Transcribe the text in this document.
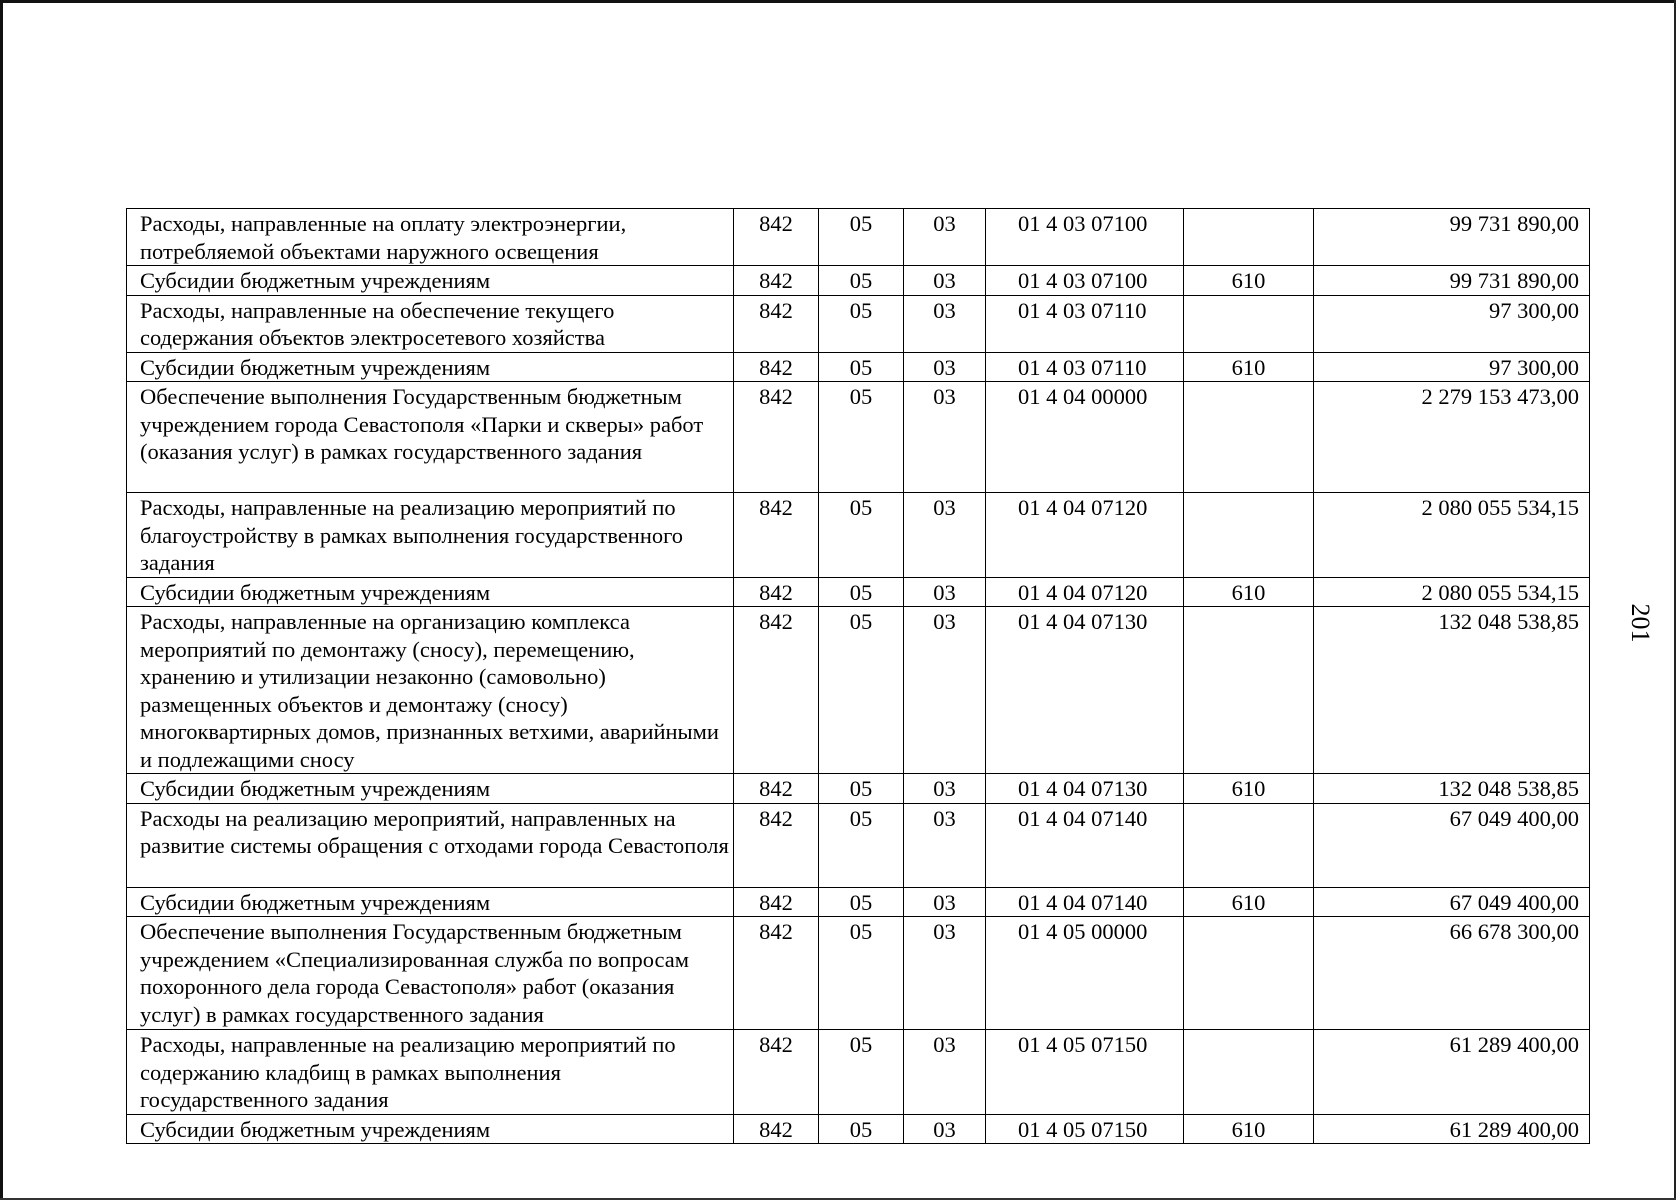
Расходы, направленные на оплату электроэнергии, потребляемой объектами наружного освещения	842	05	03	01 4 03 07100		99 731 890,00
Субсидии бюджетным учреждениям	842	05	03	01 4 03 07100	610	99 731 890,00
Расходы, направленные на обеспечение текущего содержания объектов электросетевого хозяйства	842	05	03	01 4 03 07110		97 300,00
Субсидии бюджетным учреждениям	842	05	03	01 4 03 07110	610	97 300,00
Обеспечение выполнения Государственным бюджетным учреждением города Севастополя «Парки и скверы» работ (оказания услуг) в рамках государственного задания	842	05	03	01 4 04 00000		2 279 153 473,00
Расходы, направленные на реализацию мероприятий по благоустройству в рамках выполнения государственного задания	842	05	03	01 4 04 07120		2 080 055 534,15
Субсидии бюджетным учреждениям	842	05	03	01 4 04 07120	610	2 080 055 534,15
Расходы, направленные на организацию комплекса мероприятий по демонтажу (сносу), перемещению, хранению и утилизации незаконно (самовольно) размещенных объектов и демонтажу (сносу) многоквартирных домов, признанных ветхими, аварийными и подлежащими сносу	842	05	03	01 4 04 07130		132 048 538,85
Субсидии бюджетным учреждениям	842	05	03	01 4 04 07130	610	132 048 538,85
Расходы на реализацию мероприятий, направленных на развитие системы обращения с отходами города Севастополя	842	05	03	01 4 04 07140		67 049 400,00
Субсидии бюджетным учреждениям	842	05	03	01 4 04 07140	610	67 049 400,00
Обеспечение выполнения Государственным бюджетным учреждением «Специализированная служба по вопросам похоронного дела города Севастополя» работ (оказания услуг) в рамках государственного задания	842	05	03	01 4 05 00000		66 678 300,00
Расходы, направленные на реализацию мероприятий по содержанию кладбищ в рамках выполнения государственного задания	842	05	03	01 4 05 07150		61 289 400,00
Субсидии бюджетным учреждениям	842	05	03	01 4 05 07150	610	61 289 400,00
201
